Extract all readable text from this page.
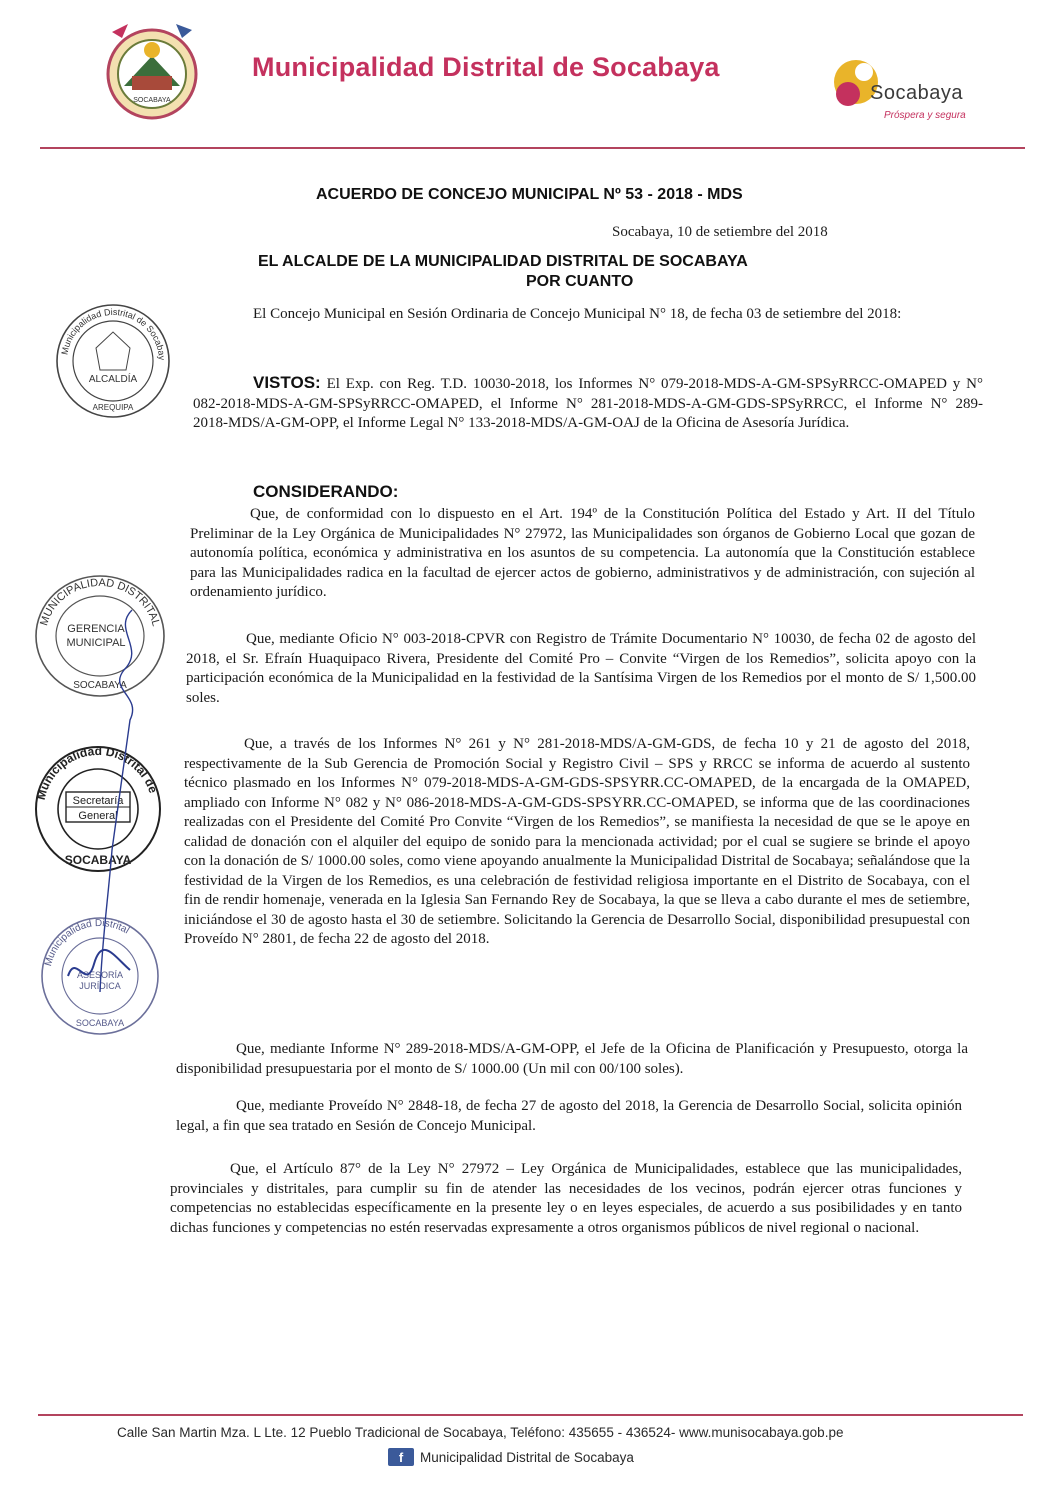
SOCABAYA
Municipalidad Distrital de Socabaya
Socabaya
Próspera y segura
ACUERDO DE CONCEJO MUNICIPAL Nº 53 - 2018 - MDS
Socabaya, 10 de setiembre del 2018
EL ALCALDE DE LA MUNICIPALIDAD DISTRITAL DE SOCABAYA
POR CUANTO
El Concejo Municipal en Sesión Ordinaria de Concejo Municipal N° 18, de fecha 03 de setiembre del 2018:
VISTOS: El Exp. con Reg. T.D. 10030-2018, los Informes N° 079-2018-MDS-A-GM-SPSyRRCC-OMAPED y N° 082-2018-MDS-A-GM-SPSyRRCC-OMAPED, el Informe N° 281-2018-MDS-A-GM-GDS-SPSyRRCC, el Informe N° 289-2018-MDS/A-GM-OPP, el Informe Legal N° 133-2018-MDS/A-GM-OAJ de la Oficina de Asesoría Jurídica.
CONSIDERANDO:
Que, de conformidad con lo dispuesto en el Art. 194º de la Constitución Política del Estado y Art. II del Título Preliminar de la Ley Orgánica de Municipalidades N° 27972, las Municipalidades son órganos de Gobierno Local que gozan de autonomía política, económica y administrativa en los asuntos de su competencia. La autonomía que la Constitución establece para las Municipalidades radica en la facultad de ejercer actos de gobierno, administrativos y de administración, con sujeción al ordenamiento jurídico.
Que, mediante Oficio N° 003-2018-CPVR con Registro de Trámite Documentario N° 10030, de fecha 02 de agosto del 2018, el Sr. Efraín Huaquipaco Rivera, Presidente del Comité Pro – Convite “Virgen de los Remedios”, solicita apoyo con la participación económica de la Municipalidad en la festividad de la Santísima Virgen de los Remedios por el monto de S/ 1,500.00 soles.
Que, a través de los Informes N° 261 y N° 281-2018-MDS/A-GM-GDS, de fecha 10 y 21 de agosto del 2018, respectivamente de la Sub Gerencia de Promoción Social y Registro Civil – SPS y RRCC se informa de acuerdo al sustento técnico plasmado en los Informes N° 079-2018-MDS-A-GM-GDS-SPSYRR.CC-OMAPED, de la encargada de la OMAPED, ampliado con Informe N° 082 y N° 086-2018-MDS-A-GM-GDS-SPSYRR.CC-OMAPED, se informa que de las coordinaciones realizadas con el Presidente del Comité Pro Convite “Virgen de los Remedios”, se manifiesta la necesidad de que se le apoye en calidad de donación con el alquiler del equipo de sonido para la mencionada actividad; por el cual se sugiere se brinde el apoyo con la donación de S/ 1000.00 soles, como viene apoyando anualmente la Municipalidad Distrital de Socabaya; señalándose que la festividad de la Virgen de los Remedios, es una celebración de festividad religiosa importante en el Distrito de Socabaya, con el fin de rendir homenaje, venerada en la Iglesia San Fernando Rey de Socabaya, la que se lleva a cabo durante el mes de setiembre, iniciándose el 30 de agosto hasta el 30 de setiembre. Solicitando la Gerencia de Desarrollo Social, disponibilidad presupuestal con Proveído N° 2801, de fecha 22 de agosto del 2018.
Que, mediante Informe N° 289-2018-MDS/A-GM-OPP, el Jefe de la Oficina de Planificación y Presupuesto, otorga la disponibilidad presupuestaria por el monto de S/ 1000.00 (Un mil con 00/100 soles).
Que, mediante Proveído N° 2848-18, de fecha 27 de agosto del 2018, la Gerencia de Desarrollo Social, solicita opinión legal, a fin que sea tratado en Sesión de Concejo Municipal.
Que, el Artículo 87° de la Ley N° 27972 – Ley Orgánica de Municipalidades, establece que las municipalidades, provinciales y distritales, para cumplir su fin de atender las necesidades de los vecinos, podrán ejercer otras funciones y competencias no establecidas específicamente en la presente ley o en leyes especiales, de acuerdo a sus posibilidades y en tanto dichas funciones y competencias no estén reservadas expresamente a otros organismos públicos de nivel regional o nacional.
Municipalidad Distrital de Socabay
ALCALDÍA
AREQUIPA
MUNICIPALIDAD DISTRITAL
GERENCIA
MUNICIPAL
SOCABAYA
Municipalidad Distrital de
Secretaría
General
SOCABAYA
Municipalidad Distrital
ASESORÍA
JURÍDICA
SOCABAYA
Calle San Martin Mza. L Lte. 12 Pueblo Tradicional de Socabaya, Teléfono: 435655 - 436524- www.munisocabaya.gob.pe
f	Municipalidad Distrital de Socabaya
